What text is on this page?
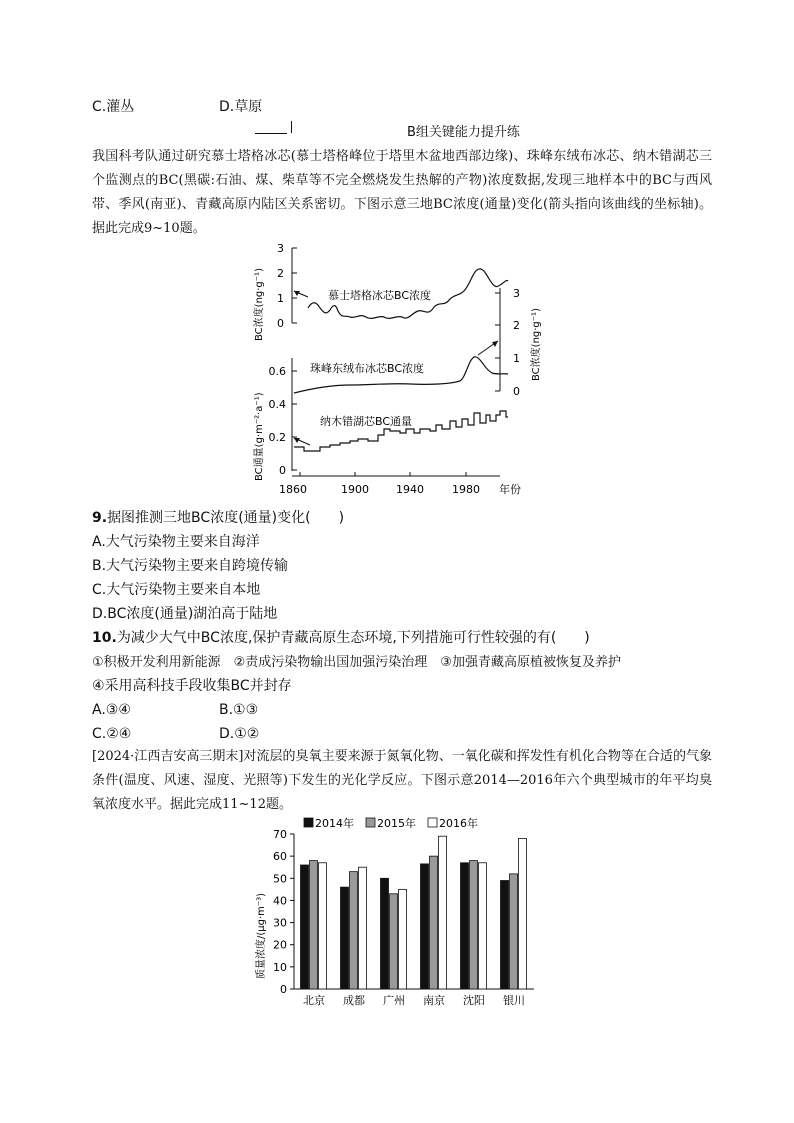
C.灌丛	D.草原
B组关键能力提升练
我国科考队通过研究慕士塔格冰芯(慕士塔格峰位于塔里木盆地西部边缘)、珠峰东绒布冰芯、纳木错湖芯三个监测点的BC(黑碳:石油、煤、柴草等不完全燃烧发生热解的产物)浓度数据,发现三地样本中的BC与西风带、季风(南亚)、青藏高原内陆区关系密切。下图示意三地BC浓度(通量)变化(箭头指向该曲线的坐标轴)。据此完成9~10题。
3
2
1
0
BC浓度(ng·g⁻¹)	3
2
1
0
BC浓度(ng·g⁻¹)
0.6
0.4
0.2
0
BC通量(g·m⁻²·a⁻¹)
1860	1900 1940	1980 年份
慕士塔格冰芯BC浓度
珠峰东绒布冰芯BC浓度
纳木错湖芯BC通量
9.据图推测三地BC浓度(通量)变化(　　)
A.大气污染物主要来自海洋
B.大气污染物主要来自跨境传输
C.大气污染物主要来自本地
D.BC浓度(通量)湖泊高于陆地
10.为减少大气中BC浓度,保护青藏高原生态环境,下列措施可行性较强的有(　　)
①积极开发利用新能源　②责成污染物输出国加强污染治理　③加强青藏高原植被恢复及养护
④采用高科技手段收集BC并封存
A.③④	B.①③
C.②④	D.①②
[2024·江西吉安高三期末]对流层的臭氧主要来源于氮氧化物、一氧化碳和挥发性有机化合物等在合适的气象条件(温度、风速、湿度、光照等)下发生的光化学反应。下图示意2014—2016年六个典型城市的年平均臭氧浓度水平。据此完成11~12题。
0
10
20
30
40
50
60
70
质量浓度/(μg·m⁻³)
北京 成都 广州 南京 沈阳 银川
2014年 2015年 2016年
